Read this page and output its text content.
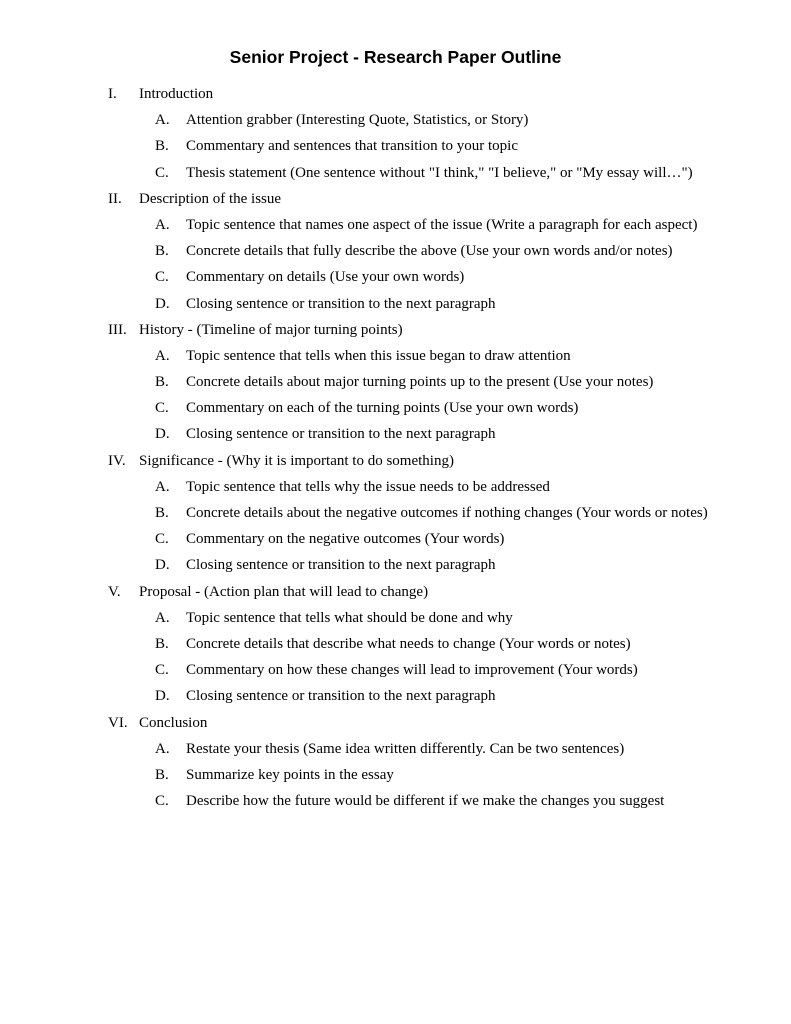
Senior Project - Research Paper Outline
I. Introduction
A. Attention grabber (Interesting Quote, Statistics, or Story)
B. Commentary and sentences that transition to your topic
C. Thesis statement (One sentence without "I think," "I believe," or "My essay will…")
II. Description of the issue
A. Topic sentence that names one aspect of the issue (Write a paragraph for each aspect)
B. Concrete details that fully describe the above (Use your own words and/or notes)
C. Commentary on details (Use your own words)
D. Closing sentence or transition to the next paragraph
III. History - (Timeline of major turning points)
A. Topic sentence that tells when this issue began to draw attention
B. Concrete details about major turning points up to the present (Use your notes)
C. Commentary on each of the turning points (Use your own words)
D. Closing sentence or transition to the next paragraph
IV. Significance - (Why it is important to do something)
A. Topic sentence that tells why the issue needs to be addressed
B. Concrete details about the negative outcomes if nothing changes (Your words or notes)
C. Commentary on the negative outcomes (Your words)
D. Closing sentence or transition to the next paragraph
V. Proposal - (Action plan that will lead to change)
A. Topic sentence that tells what should be done and why
B. Concrete details that describe what needs to change (Your words or notes)
C. Commentary on how these changes will lead to improvement (Your words)
D. Closing sentence or transition to the next paragraph
VI. Conclusion
A. Restate your thesis (Same idea written differently. Can be two sentences)
B. Summarize key points in the essay
C. Describe how the future would be different if we make the changes you suggest
